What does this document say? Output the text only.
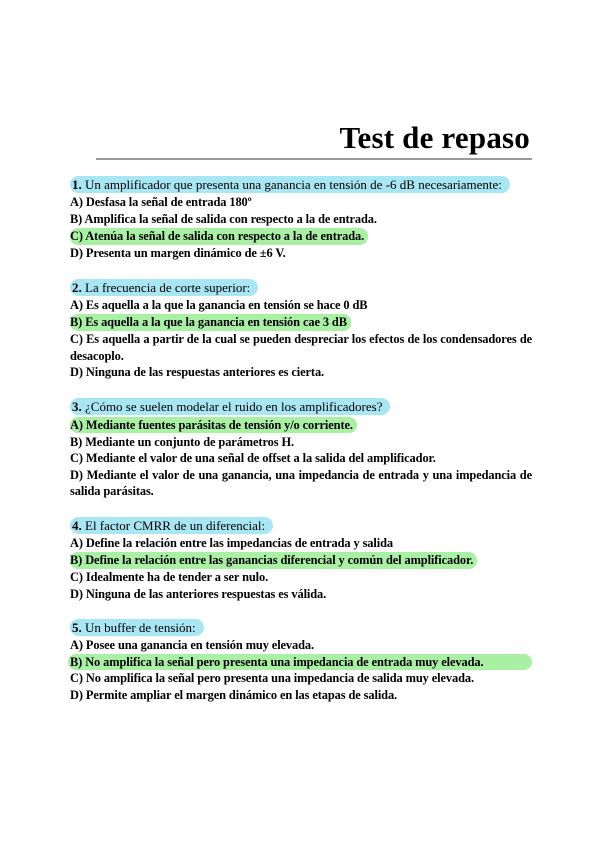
Test de repaso
1. Un amplificador que presenta una ganancia en tensión de -6 dB necesariamente:
A) Desfasa la señal de entrada 180º
B) Amplifica la señal de salida con respecto a la de entrada.
C) Atenúa la señal de salida con respecto a la de entrada.
D) Presenta un margen dinámico de ±6 V.
2. La frecuencia de corte superior:
A) Es aquella a la que la ganancia en tensión se hace 0 dB
B) Es aquella a la que la ganancia en tensión cae 3 dB
C) Es aquella a partir de la cual se pueden despreciar los efectos de los condensadores de desacoplo.
D) Ninguna de las respuestas anteriores es cierta.
3. ¿Cómo se suelen modelar el ruido en los amplificadores?
A) Mediante fuentes parásitas de tensión y/o corriente.
B) Mediante un conjunto de parámetros H.
C) Mediante el valor de una señal de offset a la salida del amplificador.
D) Mediante el valor de una ganancia, una impedancia de entrada y una impedancia de salida parásitas.
4. El factor CMRR de un diferencial:
A) Define la relación entre las impedancias de entrada y salida
B) Define la relación entre las ganancias diferencial y común del amplificador.
C) Idealmente ha de tender a ser nulo.
D) Ninguna de las anteriores respuestas es válida.
5. Un buffer de tensión:
A) Posee una ganancia en tensión muy elevada.
B) No amplifica la señal pero presenta una impedancia de entrada muy elevada.
C) No amplifica la señal pero presenta una impedancia de salida muy elevada.
D) Permite ampliar el margen dinámico en las etapas de salida.
